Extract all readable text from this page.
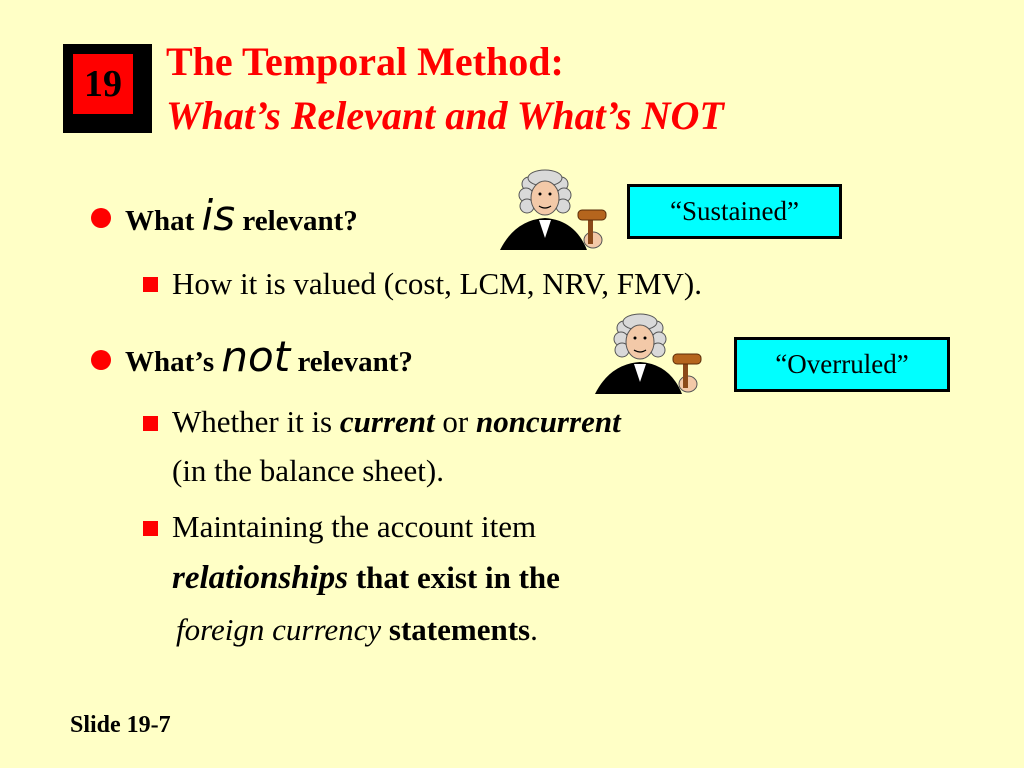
19 The Temporal Method:
What’s Relevant and What’s NOT
What is relevant?	“Sustained”
How it is valued (cost, LCM, NRV, FMV).
What’s not relevant?	“Overruled”
Whether it is current or noncurrent
(in the balance sheet).
Maintaining the account item
relationships that exist in the
foreign currency statements.
Slide 19-7
